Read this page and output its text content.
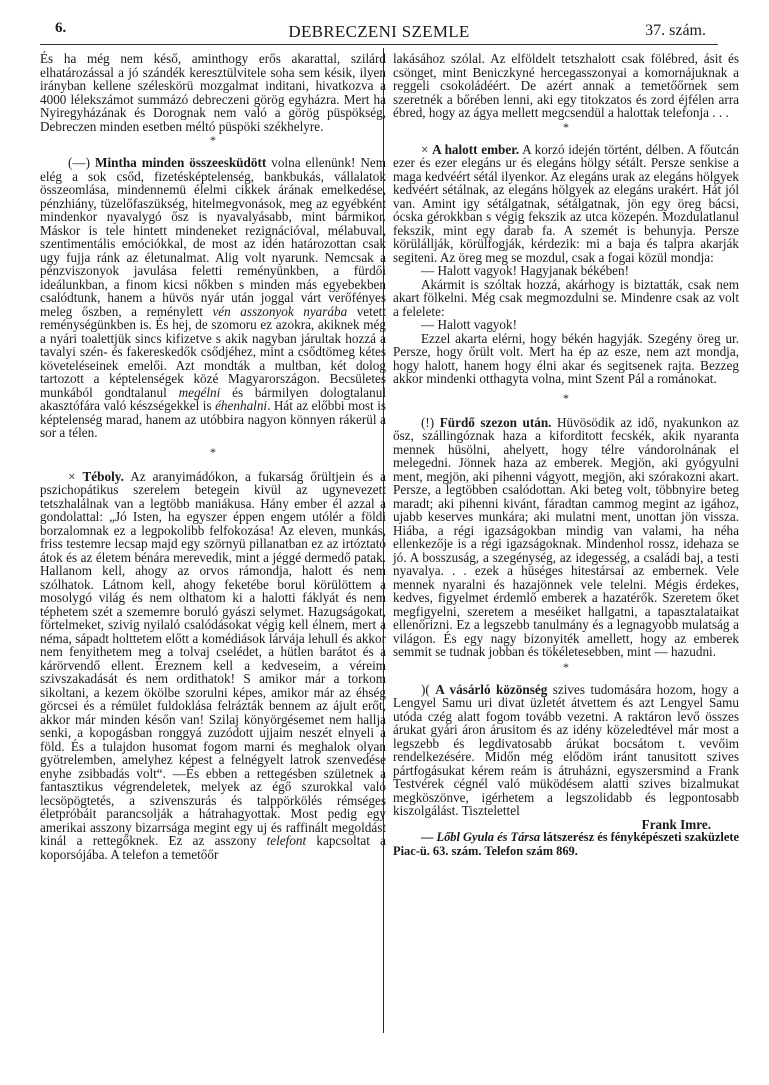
6.	DEBRECZENI SZEMLE	37. szám.

És ha még nem késő, aminthogy erős akarattal, szilárd elhatározással a jó szándék keresztülvitele soha sem késik, ilyen irányban kellene széleskörü mozgalmat inditani, hivatkozva a 4000 lélekszámot summázó debreczeni görög egyházra. Mert ha Nyiregyházának és Dorognak nem való a görög püspökség, Debreczen minden esetben méltó püspöki székhelyre.

*

(—) Mintha minden összeesküdött volna ellenünk! Nem elég a sok csőd, fizetésképtelenség, bankbukás, vállalatok összeomlása, mindennemü élelmi cikkek árának emelkedése, pénzhiány, tüzelőfaszükség, hitelmegvonások, meg az egyébként mindenkor nyavalygó ősz is nyavalyásabb, mint bármikor. Máskor is tele hintett mindeneket rezignációval, mélabuval, szentimentális emóciókkal, de most az idén határozottan csak ugy fujja ránk az életunalmat. Alig volt nyarunk. Nemcsak a pénzviszonyok javulása feletti reményünkben, a fürdői ideálunkban, a finom kicsi nőkben s minden más egyebekben csalódtunk, hanem a hüvös nyár után joggal várt verőfényes meleg őszben, a reménylett vén asszonyok nyarába vetett reménységünkben is. És hej, de szomoru ez azokra, akiknek még a nyári toalettjük sincs kifizetve s akik nagyban járultak hozzá a tavalyi szén- és fakereskedők csődjéhez, mint a csődtömeg kétes követeléseinek emelői. Azt mondták a multban, két dolog tartozott a képtelenségek közé Magyarországon. Becsületes munkából gondtalanul megélni és bármilyen dologtalanul akasztófára való készségekkel is éhenhalni. Hát az előbbi most is képtelenség marad, hanem az utóbbira nagyon könnyen rákerül a sor a télen.

*

× Téboly. Az aranyimádókon, a fukarság őrültjein és a pszichopátikus szerelem betegein kivül az ugynevezett tetszhalálnak van a legtöbb maniákusa. Hány ember él azzal a gondolattal: „Jó Isten, ha egyszer éppen engem utólér a földi borzalomnak ez a legpokolibb felfokozása! Az eleven, munkás, friss testemre lecsap majd egy szörnyü pillanatban ez az irtóztató átok és az életem bénára merevedik, mint a jéggé dermedő patak. Hallanom kell, ahogy az orvos rámondja, halott és nem szólhatok. Látnom kell, ahogy feketébe borul körülöttem a mosolygó világ és nem olthatom ki a halotti fáklyát és nem téphetem szét a szememre boruló gyászi selymet. Hazugságokat, förtelmeket, szivig nyilaló csalódásokat végig kell élnem, mert a néma, sápadt holttetem előtt a komédiások lárvája lehull és akkor nem fenyithetem meg a tolvaj cselédet, a hütlen barátot és a kárörvendő ellent. Éreznem kell a kedveseim, a véreim szivszakadását és nem ordithatok! S amikor már a torkom sikoltani, a kezem ökölbe szorulni képes, amikor már az éhség görcsei és a rémület fuldoklása felrázták bennem az ájult erőt, akkor már minden későn van! Szilaj könyörgésemet nem hallja senki, a kopogásban ronggyá zuzódott ujjaim neszét elnyeli a föld. És a tulajdon husomat fogom marni és meghalok olyan gyötrelemben, amelyhez képest a felnégyelt latrok szenvedése enyhe zsibbadás volt“. —És ebben a rettegésben születnek a fantasztikus végrendeletek, melyek az égő szurokkal való lecsöpögtetés, a szivenszurás és talppörkölés rémséges életpróbáit parancsolják a hátrahagyottak. Most pedig egy amerikai asszony bizarrsága megint egy uj és raffinált megoldást kinál a rettegőknek. Ez az asszony telefont kapcsoltat a koporsójába. A telefon a temetőőr

lakásához szólal. Az elföldelt tetszhalott csak fölébred, ásit és csönget, mint Beniczkyné hercegasszonyai a komornájuknak a reggeli csokoládéért. De azért annak a temetőőrnek sem szeretnék a bőrében lenni, aki egy titokzatos és zord éjfélen arra ébred, hogy az ágya mellett megcsendül a halottak telefonja . . .

*

× A halott ember. A korzó idején történt, délben. A főutcán ezer és ezer elegáns ur és elegáns hölgy sétált. Persze senkise a maga kedvéért sétál ilyenkor. Az elegáns urak az elegáns hölgyek kedvéért sétálnak, az elegáns hölgyek az elegáns urakért. Hát jól van. Amint igy sétálgatnak, sétálgatnak, jön egy öreg bácsi, ócska gérokkban s végig fekszik az utca közepén. Mozdulatlanul fekszik, mint egy darab fa. A szemét is behunyja. Persze körülállják, körülfogják, kérdezik: mi a baja és talpra akarják segiteni. Az öreg meg se mozdul, csak a fogai közül mondja:

— Halott vagyok! Hagyjanak békében!

Akármit is szóltak hozzá, akárhogy is biztatták, csak nem akart fölkelni. Még csak megmozdulni se. Mindenre csak az volt a felelete:

— Halott vagyok!

Ezzel akarta elérni, hogy békén hagyják. Szegény öreg ur. Persze, hogy őrült volt. Mert ha ép az esze, nem azt mondja, hogy halott, hanem hogy élni akar és segitsenek rajta. Bezzeg akkor mindenki otthagyta volna, mint Szent Pál a románokat.

*

(!) Fürdő szezon után. Hüvösödik az idő, nyakunkon az ősz, szállingóznak haza a kiforditott fecskék, akik nyaranta mennek hüsölni, ahelyett, hogy télre vándorolnának el melegedni. Jönnek haza az emberek. Megjön, aki gyógyulni ment, megjön, aki pihenni vágyott, megjön, aki szórakozni akart. Persze, a legtöbben csalódottan. Aki beteg volt, többnyire beteg maradt; aki pihenni kivánt, fáradtan cammog megint az igához, ujabb keserves munkára; aki mulatni ment, unottan jön vissza. Hiába, a régi igazságokban mindig van valami, ha néha ellenkezője is a régi igazságoknak. Mindenhol rossz, idehaza se jó. A bosszuság, a szegénység, az idegesség, a családi baj, a testi nyavalya. . . ezek a hüséges hitestársai az embernek. Vele mennek nyaralni és hazajönnek vele telelni. Mégis érdekes, kedves, figyelmet érdemlő emberek a hazatérők. Szeretem őket megfigyelni, szeretem a meséiket hallgatni, a tapasztalataikat ellenőrizni. Ez a legszebb tanulmány és a legnagyobb mulatság a világon. És egy nagy bizonyiték amellett, hogy az emberek semmit se tudnak jobban és tökéletesebben, mint — hazudni.

*

)( A vásárló közönség szives tudomására hozom, hogy a Lengyel Samu uri divat üzletét átvettem és azt Lengyel Samu utóda czég alatt fogom tovább vezetni. A raktáron levő összes árukat gyári áron árusitom és az idény közeledtével már most a legszebb és legdivatosabb árúkat bocsátom t. vevőim rendelkezésére. Midőn még elődöm iránt tanusitott szives pártfogásukat kérem reám is átruházni, egyszersmind a Frank Testvérek cégnél való müködésem alatti szives bizalmukat megköszönve, igérhetem a legszolidabb és legpontosabb kiszolgálást. Tisztelettel

Frank Imre.

— Lőbl Gyula és Társa látszerész és fényképészeti szaküzlete Piac-ü. 63. szám. Telefon szám 869.
